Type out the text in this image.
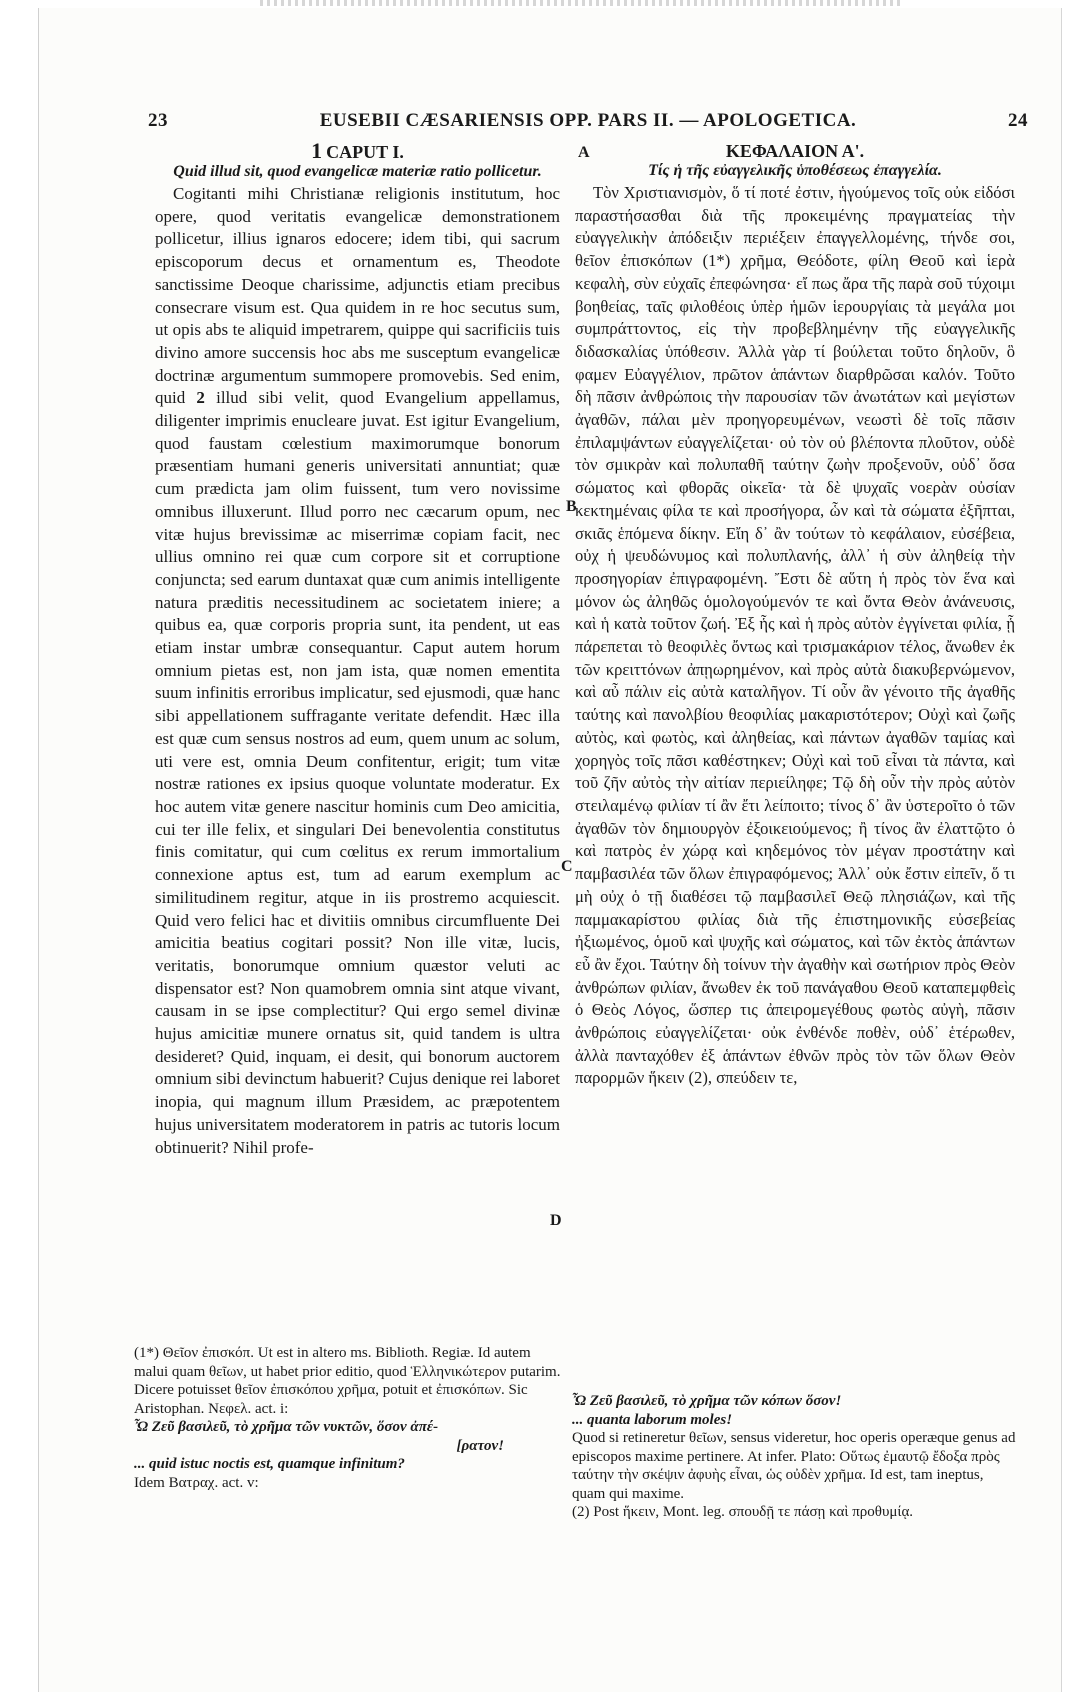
23	EUSEBII CÆSARIENSIS OPP. PARS II. — APOLOGETICA.	24
1 CAPUT I.
Quid illud sit, quod evangelicæ materiæ ratio pollicetur.

Cogitanti mihi Christianæ religionis institutum, hoc opere, quod veritatis evangelicæ demonstrationem pollicetur, illius ignaros edocere; idem tibi, qui sacrum episcoporum decus et ornamentum es, Theodote sanctissime Deoque charissime, adjunctis etiam precibus consecrare visum est. Qua quidem in re hoc secutus sum, ut opis abs te aliquid impetrarem, quippe qui sacrificiis tuis divino amore succensis hoc abs me susceptum evangelicæ doctrinæ argumentum summopere promovebis. Sed enim, quid 2 illud sibi velit, quod Evangelium appellamus, diligenter imprimis enucleare juvat. Est igitur Evangelium, quod faustam cœlestium maximorumque bonorum præsentiam humani generis universitati annuntiat; quæ cum prædicta jam olim fuissent, tum vero novissime omnibus illuxerunt. Illud porro nec cæcarum opum, nec vitæ hujus brevissimæ ac miserrimæ copiam facit, nec ullius omnino rei quæ cum corpore sit et corruptione conjuncta; sed earum duntaxat quæ cum animis intelligente natura præditis necessitudinem ac societatem iniere; a quibus ea, quæ corporis propria sunt, ita pendent, ut eas etiam instar umbræ consequantur. Caput autem horum omnium pietas est, non jam ista, quæ nomen ementita suum infinitis erroribus implicatur, sed ejusmodi, quæ hanc sibi appellationem suffragante veritate defendit. Hæc illa est quæ cum sensus nostros ad eum, quem unum ac solum, uti vere est, omnia Deum confitentur, erigit; tum vitæ nostræ rationes ex ipsius quoque voluntate moderatur. Ex hoc autem vitæ genere nascitur hominis cum Deo amicitia, cui ter ille felix, et singulari Dei benevolentia constitutus finis comitatur, qui cum cœlitus ex rerum immortalium connexione aptus est, tum ad earum exemplum ac similitudinem regitur, atque in iis prostremo acquiescit. Quid vero felici hac et divitiis omnibus circumfluente Dei amicitia beatius cogitari possit? Non ille vitæ, lucis, veritatis, bonorumque omnium quæstor veluti ac dispensator est? Non quamobrem omnia sint atque vivant, causam in se ipse complectitur? Qui ergo semel divinæ hujus amicitiæ munere ornatus sit, quid tandem is ultra desideret? Quid, inquam, ei desit, qui bonorum auctorem omnium sibi devinctum habuerit? Cujus denique rei laboret inopia, qui magnum illum Præsidem, ac præpotentem hujus universitatem moderatorem in patris ac tutoris locum obtinuerit? Nihil profe-

ΚΕΦΑΛΑΙΟΝ Α'.
Τίς ἡ τῆς εὐαγγελικῆς ὑποθέσεως ἐπαγγελία.

Τὸν Χριστιανισμὸν, ὅ τί ποτέ ἐστιν, ἡγούμενος τοῖς οὐκ εἰδόσι παραστήσασθαι διὰ τῆς προκειμένης πραγματείας τὴν εὐαγγελικὴν ἀπόδειξιν περιέξειν ἐπαγγελλομένης, τήνδε σοι, θεῖον ἐπισκόπων (1*) χρῆμα, Θεόδοτε, φίλη Θεοῦ καὶ ἱερὰ κεφαλὴ, σὺν εὐχαῖς ἐπεφώνησα· εἴ πως ἄρα τῆς παρὰ σοῦ τύχοιμι βοηθείας, ταῖς φιλοθέοις ὑπὲρ ἡμῶν ἱερουργίαις τὰ μεγάλα μοι συμπράττοντος, εἰς τὴν προβεβλημένην τῆς εὐαγγελικῆς διδασκαλίας ὑπόθεσιν. Ἀλλὰ γὰρ τί βούλεται τοῦτο δηλοῦν, ὃ φαμεν Εὐαγγέλιον, πρῶτον ἁπάντων διαρθρῶσαι καλόν. Τοῦτο δὴ πᾶσιν ἀνθρώποις τὴν παρουσίαν τῶν ἀνωτάτων καὶ μεγίστων ἀγαθῶν, πάλαι μὲν προηγορευμένων, νεωστὶ δὲ τοῖς πᾶσιν ἐπιλαμψάντων εὐαγγελίζεται· οὐ τὸν οὐ βλέποντα πλοῦτον, οὐδὲ τὸν σμικρὰν καὶ πολυπαθῆ ταύτην ζωὴν προξενοῦν, οὐδ᾽ ὅσα σώματος καὶ φθορᾶς οἰκεῖα· τὰ δὲ ψυχαῖς νοερὰν οὐσίαν κεκτημέναις φίλα τε καὶ προσήγορα, ὧν καὶ τὰ σώματα ἐξῆπται, σκιᾶς ἑπόμενα δίκην. Εἴη δ᾽ ἂν τούτων τὸ κεφάλαιον, εὐσέβεια, οὐχ ἡ ψευδώνυμος καὶ πολυπλανής, ἀλλ᾽ ἡ σὺν ἀληθείᾳ τὴν προσηγορίαν ἐπιγραφομένη. Ἔστι δὲ αὕτη ἡ πρὸς τὸν ἕνα καὶ μόνον ὡς ἀληθῶς ὁμολογούμενόν τε καὶ ὄντα Θεὸν ἀνάνευσις, καὶ ἡ κατὰ τοῦτον ζωή. Ἐξ ἧς καὶ ἡ πρὸς αὐτὸν ἐγγίνεται φιλία, ᾗ πάρεπεται τὸ θεοφιλὲς ὄντως καὶ τρισμακάριον τέλος, ἄνωθεν ἐκ τῶν κρειττόνων ἀπῃωρημένον, καὶ πρὸς αὐτὰ διακυβερνώμενον, καὶ αὖ πάλιν εἰς αὐτὰ καταλῆγον. Τί οὖν ἂν γένοιτο τῆς ἀγαθῆς ταύτης καὶ πανολβίου θεοφιλίας μακαριστότερον; Οὐχὶ καὶ ζωῆς αὐτὸς, καὶ φωτὸς, καὶ ἀληθείας, καὶ πάντων ἀγαθῶν ταμίας καὶ χορηγὸς τοῖς πᾶσι καθέστηκεν; Οὐχὶ καὶ τοῦ εἶναι τὰ πάντα, καὶ τοῦ ζῆν αὐτὸς τὴν αἰτίαν περιείληφε; Τῷ δὴ οὖν τὴν πρὸς αὐτὸν στειλαμένῳ φιλίαν τί ἂν ἔτι λείποιτο; τίνος δ᾽ ἂν ὑστεροῖτο ὁ τῶν ἀγαθῶν τὸν δημιουργὸν ἐξοικειούμενος; ἢ τίνος ἂν ἐλαττῷτο ὁ καὶ πατρὸς ἐν χώρᾳ καὶ κηδεμόνος τὸν μέγαν προστάτην καὶ παμβασιλέα τῶν ὅλων ἐπιγραφόμενος; Ἀλλ᾽ οὐκ ἔστιν εἰπεῖν, ὅ τι μὴ οὐχ ὁ τῇ διαθέσει τῷ παμβασιλεῖ Θεῷ πλησιάζων, καὶ τῆς παμμακαρίστου φιλίας διὰ τῆς ἐπιστημονικῆς εὐσεβείας ἠξιωμένος, ὁμοῦ καὶ ψυχῆς καὶ σώματος, καὶ τῶν ἐκτὸς ἁπάντων εὖ ἂν ἔχοι. Ταύτην δὴ τοίνυν τὴν ἀγαθὴν καὶ σωτήριον πρὸς Θεὸν ἀνθρώπων φιλίαν, ἄνωθεν ἐκ τοῦ πανάγαθου Θεοῦ καταπεμφθεὶς ὁ Θεὸς Λόγος, ὥσπερ τις ἀπειρομεγέθους φωτὸς αὐγὴ, πᾶσιν ἀνθρώποις εὐαγγελίζεται· οὐκ ἐνθένδε ποθὲν, οὐδ᾽ ἑτέρωθεν, ἀλλὰ πανταχόθεν ἐξ ἁπάντων ἐθνῶν πρὸς τὸν τῶν ὅλων Θεὸν παρορμῶν ἥκειν (2), σπεύδειν τε,

A
B
C
D

(1*) Θεῖον ἐπισκόπ. Ut est in altero ms. Biblioth. Regiæ. Id autem malui quam θεῖων, ut habet prior editio, quod Ἑλληνικώτερον putarim. Dicere potuisset θεῖον ἐπισκόπου χρῆμα, potuit et ἐπισκόπων. Sic Aristophan. Νεφελ. act. i:

Ὦ Ζεῦ βασιλεῦ, τὸ χρῆμα τῶν νυκτῶν, ὅσον ἀπέ-

[ρατον!

... quid istuc noctis est, quamque infinitum?

Idem Βατραχ. act. v:

Ὦ Ζεῦ βασιλεῦ, τὸ χρῆμα τῶν κόπων ὅσον!

... quanta laborum moles!

Quod si retineretur θεῖων, sensus videretur, hoc operis operæque genus ad episcopos maxime pertinere. At infer. Plato: Οὕτως ἐμαυτῷ ἔδοξα πρὸς ταύτην τὴν σκέψιν ἀφυὴς εἶναι, ὡς οὐδὲν χρῆμα. Id est, tam ineptus, quam qui maxime.

(2) Post ἥκειν, Mont. leg. σπουδῇ τε πάσῃ καὶ προθυμίᾳ.
